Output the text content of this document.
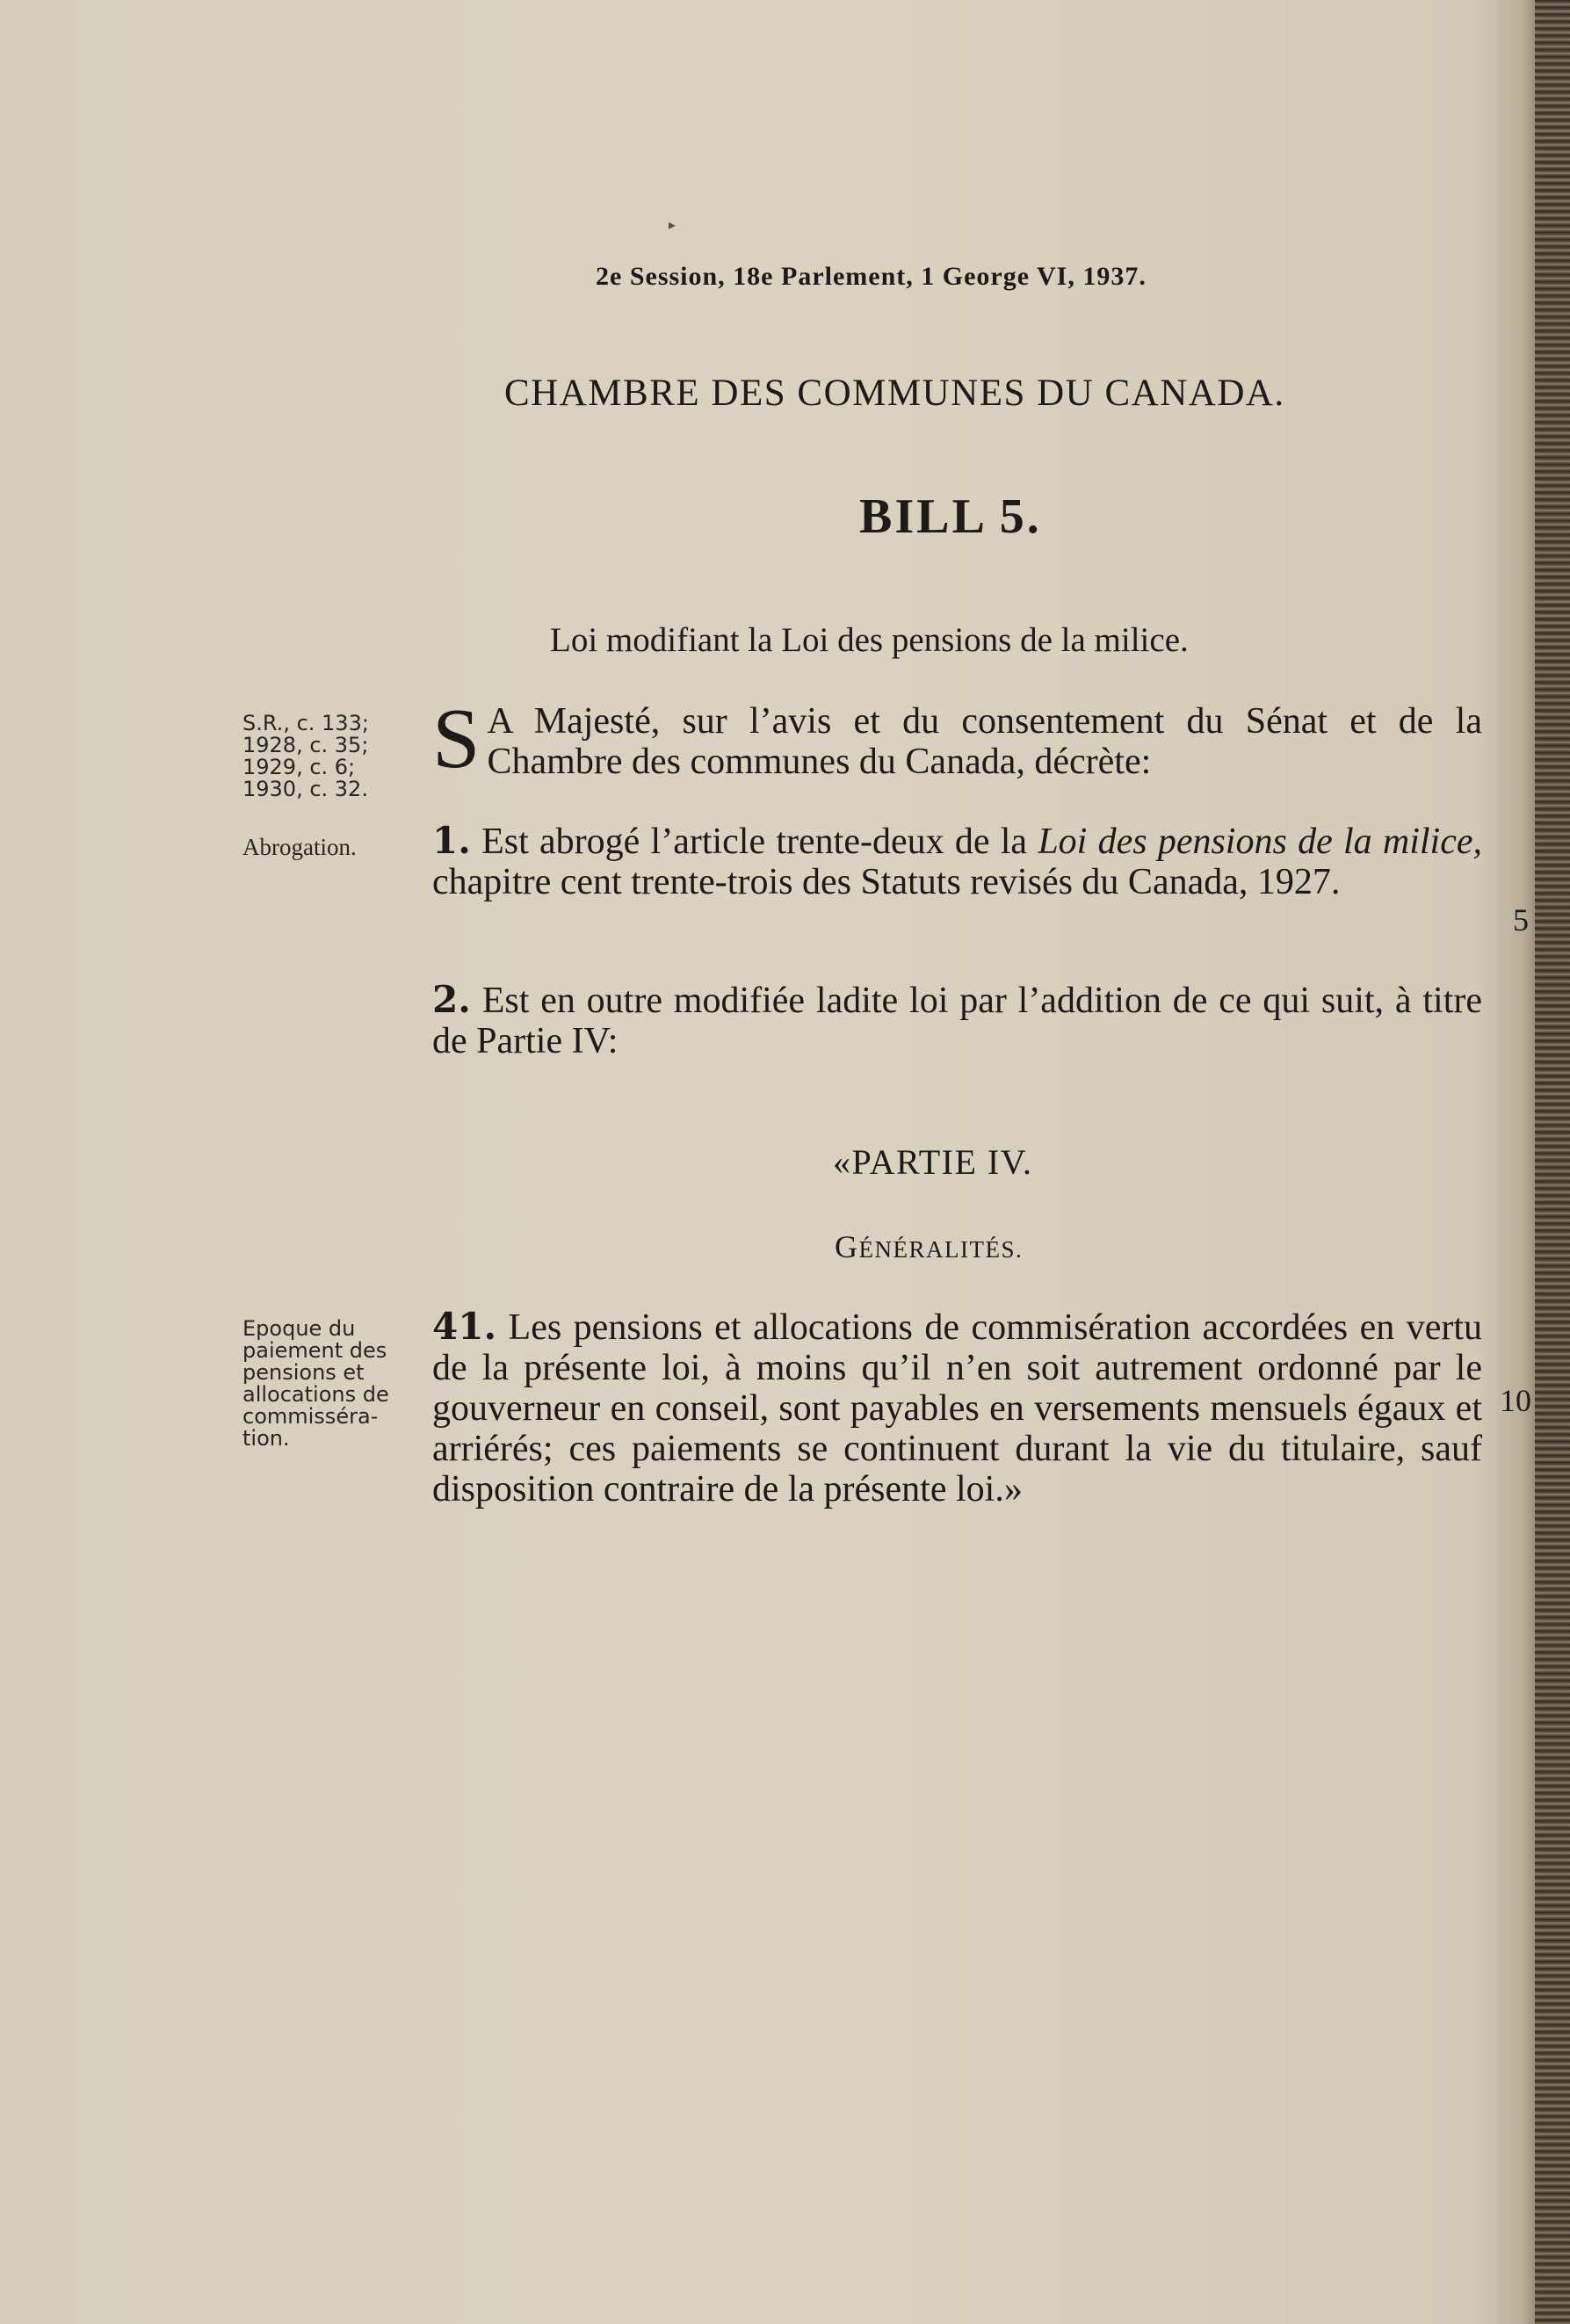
▸
2e Session, 18e Parlement, 1 George VI, 1937.
CHAMBRE DES COMMUNES DU CANADA.
BILL 5.
Loi modifiant la Loi des pensions de la milice.
S.R., c. 133;
1928, c. 35;
1929, c. 6;
1930, c. 32.
Abrogation.
Epoque du
paiement des
pensions et
allocations de
commisséra-
tion.
S A Majesté, sur l’avis et du consentement du Sénat et de la Chambre des communes du Canada, décrète:
1. Est abrogé l’article trente-deux de la Loi des pensions de la milice, chapitre cent trente-trois des Statuts revisés du Canada, 1927.
5
2. Est en outre modifiée ladite loi par l’addition de ce qui suit, à titre de Partie IV:
«PARTIE IV.
GÉNÉRALITÉS.
41. Les pensions et allocations de commisération accordées en vertu de la présente loi, à moins qu’il n’en soit autrement ordonné par le gouverneur en conseil, sont payables en versements mensuels égaux et arriérés; ces paiements se continuent durant la vie du titulaire, sauf disposition contraire de la présente loi.»
10
